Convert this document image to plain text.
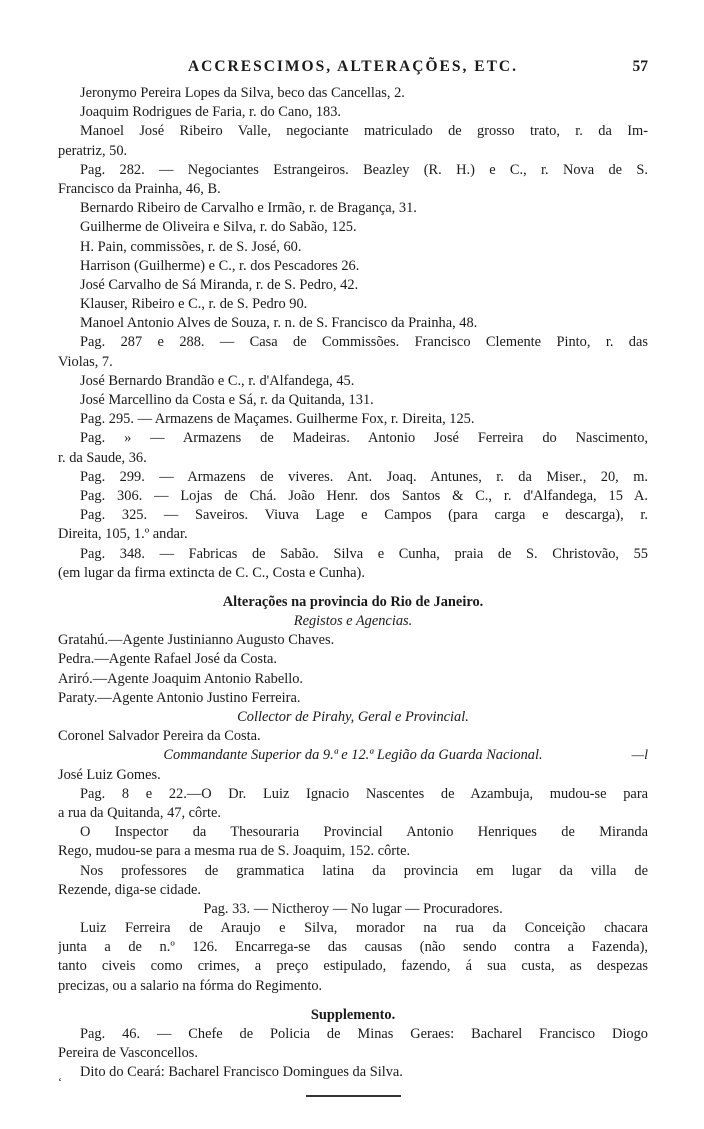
ACCRESCIMOS, ALTERAÇÕES, ETC.	57
Jeronymo Pereira Lopes da Silva, beco das Cancellas, 2.
Joaquim Rodrigues de Faria, r. do Cano, 183.
Manoel José Ribeiro Valle, negociante matriculado de grosso trato, r. da Im-
peratriz, 50.
Pag. 282. — Negociantes Estrangeiros. Beazley (R. H.) e C., r. Nova de S.
Francisco da Prainha, 46, B.
Bernardo Ribeiro de Carvalho e Irmão, r. de Bragança, 31.
Guilherme de Oliveira e Silva, r. do Sabão, 125.
H. Pain, commissões, r. de S. José, 60.
Harrison (Guilherme) e C., r. dos Pescadores 26.
José Carvalho de Sá Miranda, r. de S. Pedro, 42.
Klauser, Ribeiro e C., r. de S. Pedro 90.
Manoel Antonio Alves de Souza, r. n. de S. Francisco da Prainha, 48.
Pag. 287 e 288. — Casa de Commissões. Francisco Clemente Pinto, r. das
Violas, 7.
José Bernardo Brandão e C., r. d'Alfandega, 45.
José Marcellino da Costa e Sá, r. da Quitanda, 131.
Pag. 295. — Armazens de Maçames. Guilherme Fox, r. Direita, 125.
Pag. » — Armazens de Madeiras. Antonio José Ferreira do Nascimento,
r. da Saude, 36.
Pag. 299. — Armazens de viveres. Ant. Joaq. Antunes, r. da Miser., 20, m.
Pag. 306. — Lojas de Chá. João Henr. dos Santos & C., r. d'Alfandega, 15 A.
Pag. 325. — Saveiros. Viuva Lage e Campos (para carga e descarga), r.
Direita, 105, 1.º andar.
Pag. 348. — Fabricas de Sabão. Silva e Cunha, praia de S. Christovão, 55
(em lugar da firma extincta de C. C., Costa e Cunha).
Alterações na provincia do Rio de Janeiro.
Registos e Agencias.
Gratahú.—Agente Justinianno Augusto Chaves.
Pedra.—Agente Rafael José da Costa.
Ariró.—Agente Joaquim Antonio Rabello.
Paraty.—Agente Antonio Justino Ferreira.
Collector de Pirahy, Geral e Provincial.
Coronel Salvador Pereira da Costa.
Commandante Superior da 9.ª e 12.ª Legião da Guarda Nacional.	—l
José Luiz Gomes.
Pag. 8 e 22.—O Dr. Luiz Ignacio Nascentes de Azambuja, mudou-se para
a rua da Quitanda, 47, côrte.
O Inspector da Thesouraria Provincial Antonio Henriques de Miranda
Rego, mudou-se para a mesma rua de S. Joaquim, 152. côrte.
Nos professores de grammatica latina da provincia em lugar da villa de
Rezende, diga-se cidade.
Pag. 33. — Nictheroy — No lugar — Procuradores.
Luiz Ferreira de Araujo e Silva, morador na rua da Conceição chacara
junta a de n.º 126. Encarrega-se das causas (não sendo contra a Fazenda),
tanto civeis como crimes, a preço estipulado, fazendo, á sua custa, as despezas
precizas, ou a salario na fórma do Regimento.
Supplemento.
Pag. 46. — Chefe de Policia de Minas Geraes: Bacharel Francisco Diogo
Pereira de Vasconcellos.
Dito do Ceará: Bacharel Francisco Domingues da Silva.
ʻ
